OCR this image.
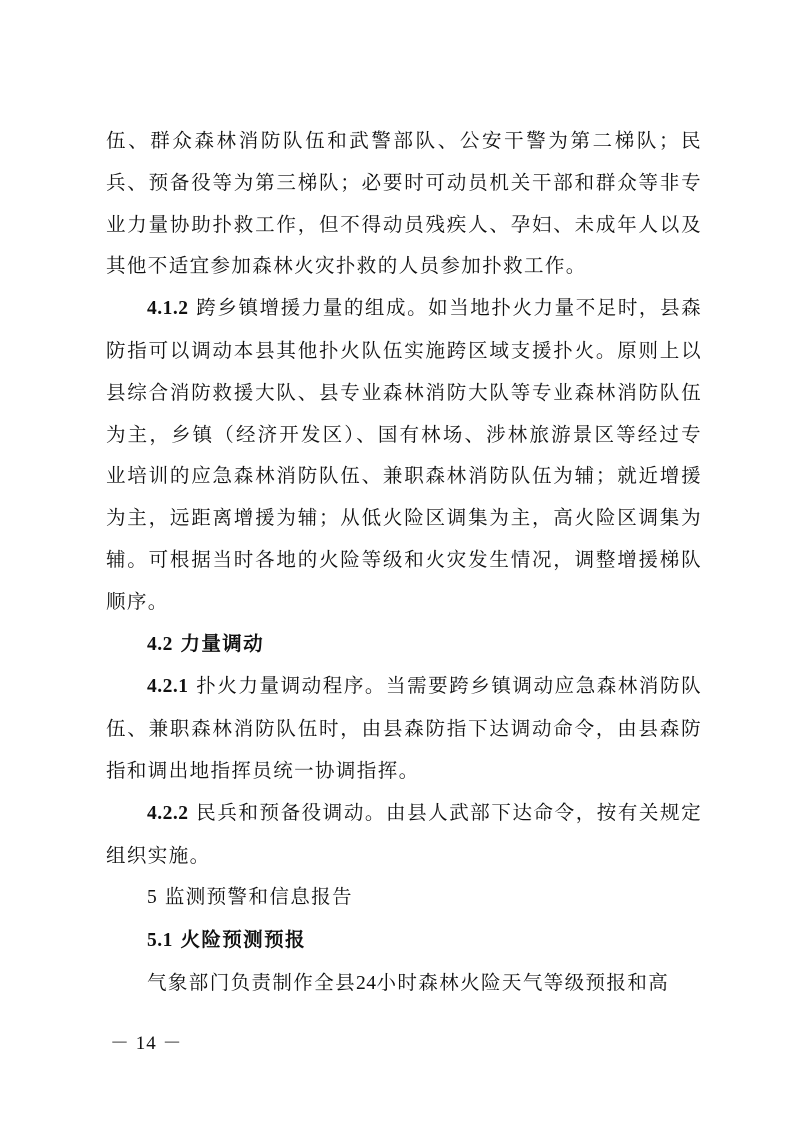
伍、群众森林消防队伍和武警部队、公安干警为第二梯队；民兵、预备役等为第三梯队；必要时可动员机关干部和群众等非专业力量协助扑救工作，但不得动员残疾人、孕妇、未成年人以及其他不适宜参加森林火灾扑救的人员参加扑救工作。

4.1.2 跨乡镇增援力量的组成。如当地扑火力量不足时，县森防指可以调动本县其他扑火队伍实施跨区域支援扑火。原则上以县综合消防救援大队、县专业森林消防大队等专业森林消防队伍为主，乡镇（经济开发区）、国有林场、涉林旅游景区等经过专业培训的应急森林消防队伍、兼职森林消防队伍为辅；就近增援为主，远距离增援为辅；从低火险区调集为主，高火险区调集为辅。可根据当时各地的火险等级和火灾发生情况，调整增援梯队顺序。

4.2 力量调动

4.2.1 扑火力量调动程序。当需要跨乡镇调动应急森林消防队伍、兼职森林消防队伍时，由县森防指下达调动命令，由县森防指和调出地指挥员统一协调指挥。

4.2.2 民兵和预备役调动。由县人武部下达命令，按有关规定组织实施。

5 监测预警和信息报告

5.1 火险预测预报

气象部门负责制作全县24小时森林火险天气等级预报和高

－ 14 －
